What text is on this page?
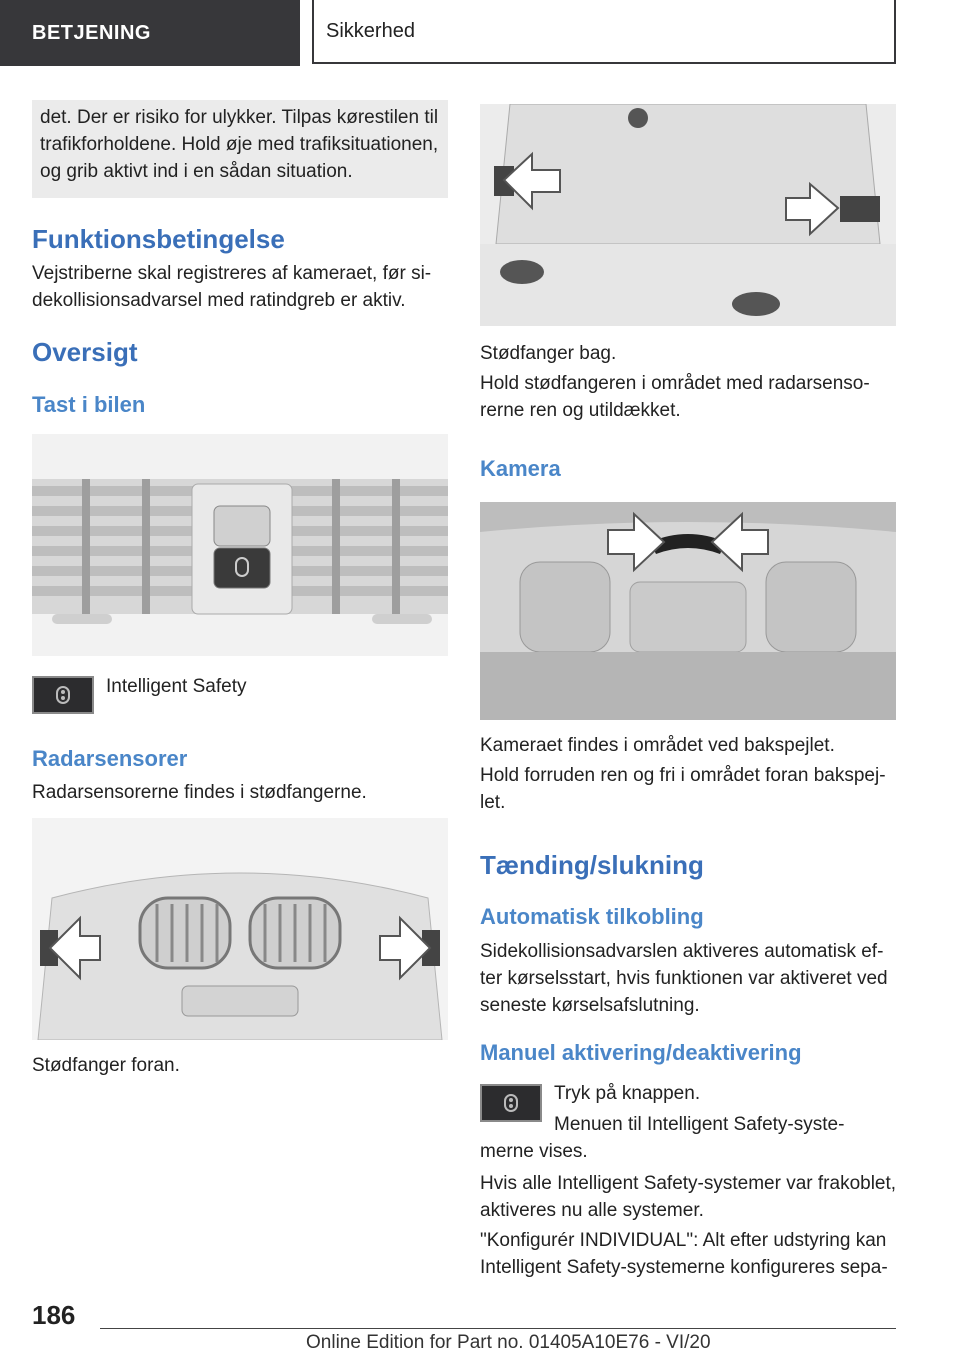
BETJENING	Sikkerhed
det. Der er risiko for ulykker. Tilpas kørestilen til
trafikforholdene. Hold øje med trafiksituationen,
og grib aktivt ind i en sådan situation.
Funktionsbetingelse
Vejstriberne skal registreres af kameraet, før si-
dekollisionsadvarsel med ratindgreb er aktiv.
Oversigt
Tast i bilen
Intelligent Safety
Radarsensorer
Radarsensorerne findes i stødfangerne.
Stødfanger foran.
Stødfanger bag.
Hold stødfangeren i området med radarsenso-
rerne ren og utildækket.
Kamera
Kameraet findes i området ved bakspejlet.
Hold forruden ren og fri i området foran bakspej-
let.
Tænding/slukning
Automatisk tilkobling
Sidekollisionsadvarslen aktiveres automatisk ef-
ter kørselsstart, hvis funktionen var aktiveret ved
seneste kørselsafslutning.
Manuel aktivering/deaktivering
Tryk på knappen.
Menuen til Intelligent Safety-syste-
merne vises.
Hvis alle Intelligent Safety-systemer var frakoblet,
aktiveres nu alle systemer.
"Konfigurér INDIVIDUAL": Alt efter udstyring kan
Intelligent Safety-systemerne konfigureres sepa-
186
Online Edition for Part no. 01405A10E76 - VI/20
